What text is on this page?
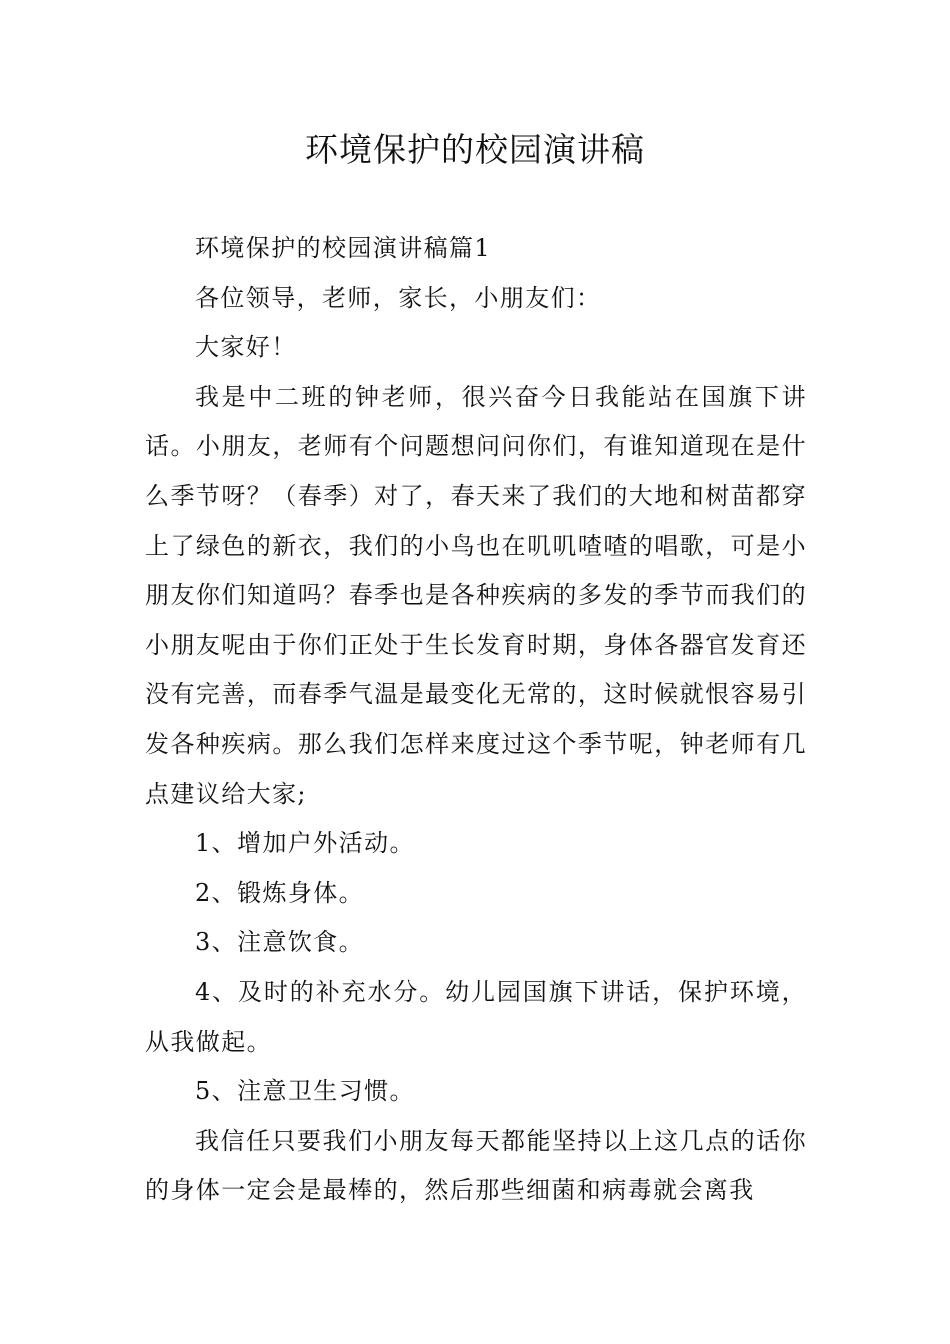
环境保护的校园演讲稿

环境保护的校园演讲稿篇1

各位领导，老师，家长，小朋友们：

大家好！

我是中二班的钟老师，很兴奋今日我能站在国旗下讲话。小朋友，老师有个问题想问问你们，有谁知道现在是什么季节呀？（春季）对了，春天来了我们的大地和树苗都穿上了绿色的新衣，我们的小鸟也在叽叽喳喳的唱歌，可是小朋友你们知道吗？春季也是各种疾病的多发的季节而我们的小朋友呢由于你们正处于生长发育时期，身体各器官发育还没有完善，而春季气温是最变化无常的，这时候就恨容易引发各种疾病。那么我们怎样来度过这个季节呢，钟老师有几点建议给大家;

1、增加户外活动。

2、锻炼身体。

3、注意饮食。

4、及时的补充水分。幼儿园国旗下讲话，保护环境，从我做起。

5、注意卫生习惯。

我信任只要我们小朋友每天都能坚持以上这几点的话你的身体一定会是最棒的，然后那些细菌和病毒就会离我
